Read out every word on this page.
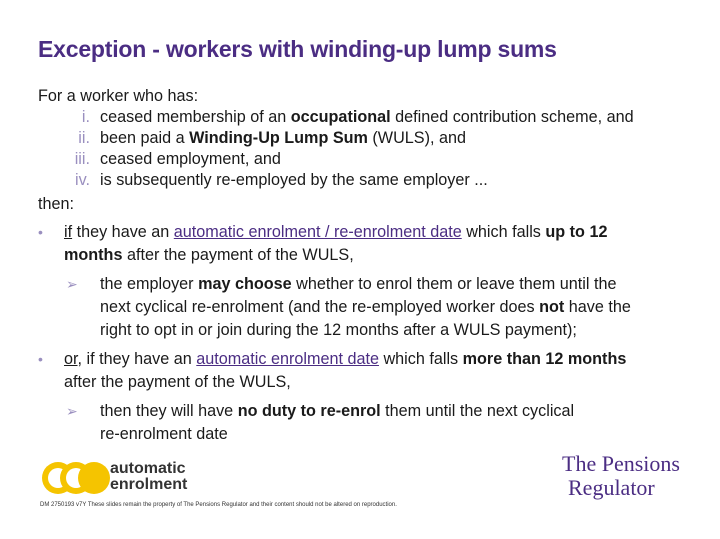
Exception - workers with winding-up lump sums
For a worker who has:
i. ceased membership of an occupational defined contribution scheme, and
ii. been paid a Winding-Up Lump Sum (WULS), and
iii. ceased employment, and
iv. is subsequently re-employed by the same employer ...
then:
• if they have an automatic enrolment / re-enrolment date which falls up to 12
months after the payment of the WULS,
➢ the employer may choose whether to enrol them or leave them until the
next cyclical re-enrolment (and the re-employed worker does not have the
right to opt in or join during the 12 months after a WULS payment);
• or, if they have an automatic enrolment date which falls more than 12 months
after the payment of the WULS,
➢ then they will have no duty to re-enrol them until the next cyclical
re-enrolment date
automatic
enrolment
The Pensions
Regulator
DM 2750193 v7Y These slides remain the property of The Pensions Regulator and their content should not be altered on reproduction.
